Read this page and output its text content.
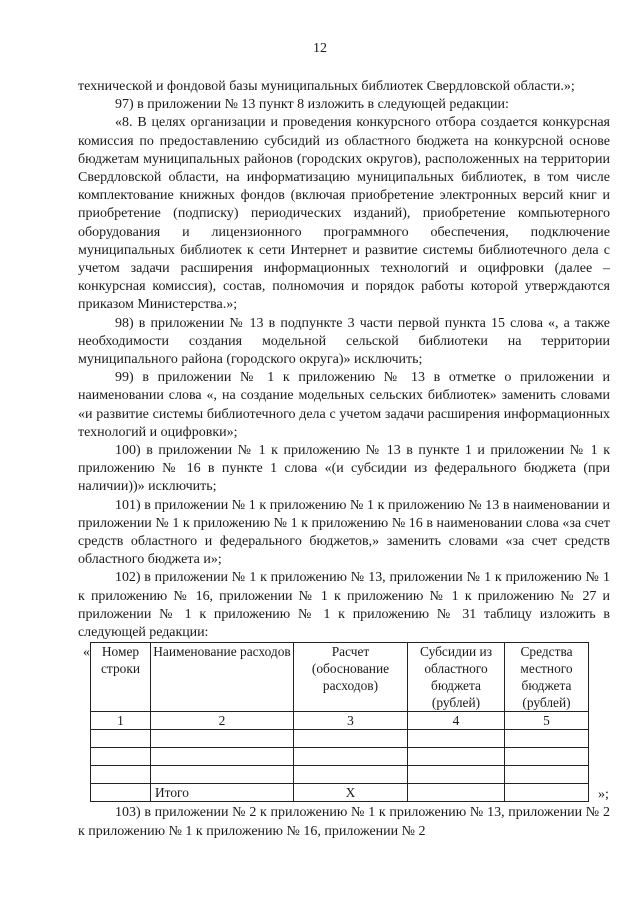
12

технической и фондовой базы муниципальных библиотек Свердловской области.»;

97) в приложении № 13 пункт 8 изложить в следующей редакции:

«8. В целях организации и проведения конкурсного отбора создается конкурсная комиссия по предоставлению субсидий из областного бюджета на конкурсной основе бюджетам муниципальных районов (городских округов), расположенных на территории Свердловской области, на информатизацию муниципальных библиотек, в том числе комплектование книжных фондов (включая приобретение электронных версий книг и приобретение (подписку) периодических изданий), приобретение компьютерного оборудования и лицензионного программного обеспечения, подключение муниципальных библиотек к сети Интернет и развитие системы библиотечного дела с учетом задачи расширения информационных технологий и оцифровки (далее – конкурсная комиссия), состав, полномочия и порядок работы которой утверждаются приказом Министерства.»;

98) в приложении № 13 в подпункте 3 части первой пункта 15 слова «, а также необходимости создания модельной сельской библиотеки на территории муниципального района (городского округа)» исключить;

99) в приложении № 1 к приложению № 13 в отметке о приложении и наименовании слова «, на создание модельных сельских библиотек» заменить словами «и развитие системы библиотечного дела с учетом задачи расширения информационных технологий и оцифровки»;

100) в приложении № 1 к приложению № 13 в пункте 1 и приложении № 1 к приложению № 16 в пункте 1 слова «(и субсидии из федерального бюджета (при наличии))» исключить;

101) в приложении № 1 к приложению № 1 к приложению № 13 в наименовании и приложении № 1 к приложению № 1 к приложению № 16 в наименовании слова «за счет средств областного и федерального бюджетов,» заменить словами «за счет средств областного бюджета и»;

102) в приложении № 1 к приложению № 13, приложении № 1 к приложению № 1 к приложению № 16, приложении № 1 к приложению № 1 к приложению № 27 и приложении № 1 к приложению № 1 к приложению № 31 таблицу изложить в следующей редакции:

« Номер строки	Наименование расходов	Расчет (обоснование расходов)	Субсидии из областного бюджета (рублей)	Средства местного бюджета (рублей)
1	2	3	4	5

	Итого	Х			»;

103) в приложении № 2 к приложению № 1 к приложению № 13, приложении № 2 к приложению № 1 к приложению № 16, приложении № 2
